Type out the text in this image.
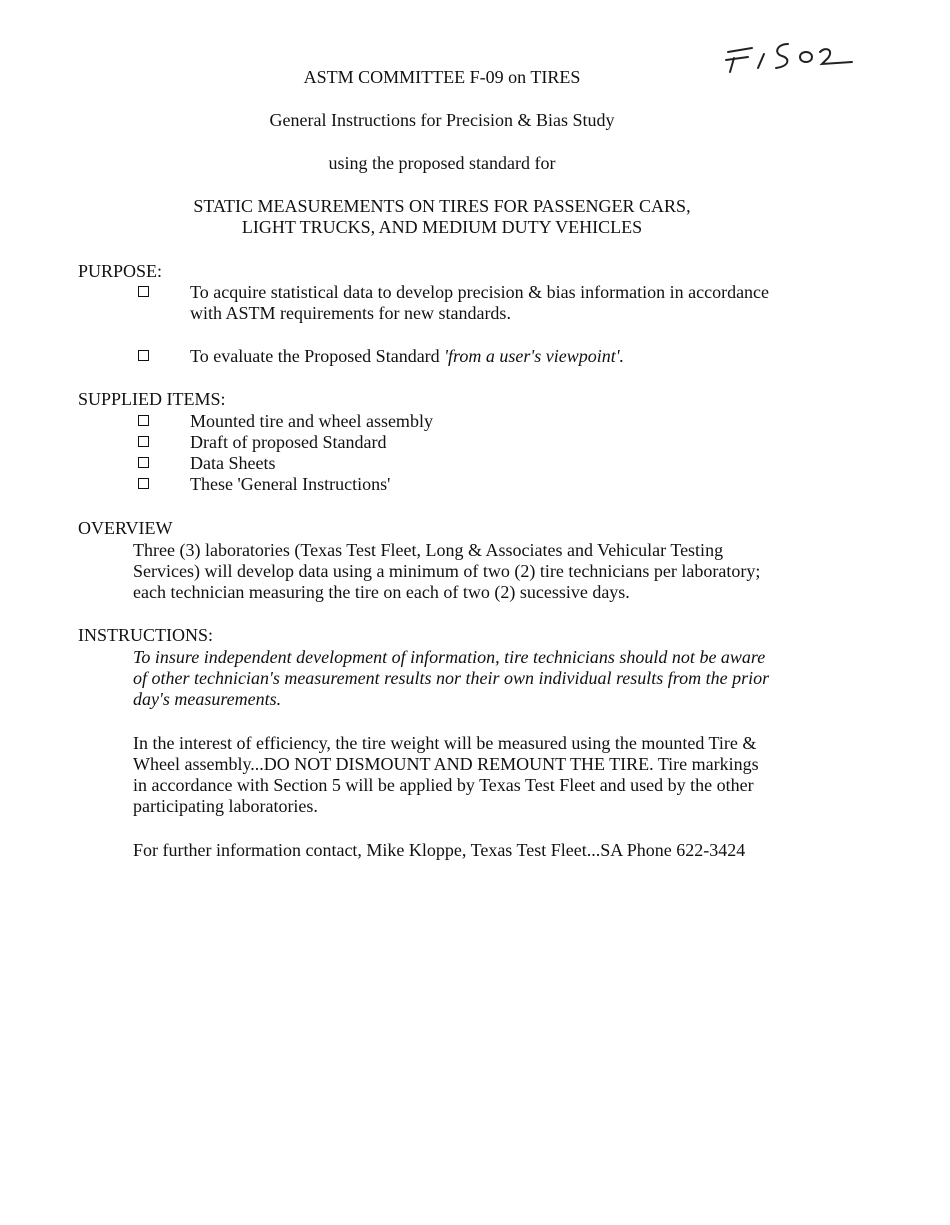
ASTM COMMITTEE F-09 on TIRES
General Instructions for Precision & Bias Study
using the proposed standard for
STATIC MEASUREMENTS ON TIRES FOR PASSENGER CARS,
LIGHT TRUCKS, AND MEDIUM DUTY VEHICLES
PURPOSE:
To acquire statistical data to develop precision & bias information in accordance
with ASTM requirements for new standards.
To evaluate the Proposed Standard 'from a user's viewpoint'.
SUPPLIED ITEMS:
Mounted tire and wheel assembly
Draft of proposed Standard
Data Sheets
These 'General Instructions'
OVERVIEW
Three (3) laboratories (Texas Test Fleet, Long & Associates and Vehicular Testing
Services) will develop data using a minimum of two (2) tire technicians per laboratory;
each technician measuring the tire on each of two (2) sucessive days.
INSTRUCTIONS:
To insure independent development of information, tire technicians should not be aware
of other technician's measurement results nor their own individual results from the prior
day's measurements.
In the interest of efficiency, the tire weight will be measured using the mounted Tire &
Wheel assembly...DO NOT DISMOUNT AND REMOUNT THE TIRE. Tire markings
in accordance with Section 5 will be applied by Texas Test Fleet and used by the other
participating laboratories.
For further information contact, Mike Kloppe, Texas Test Fleet...SA Phone 622-3424
